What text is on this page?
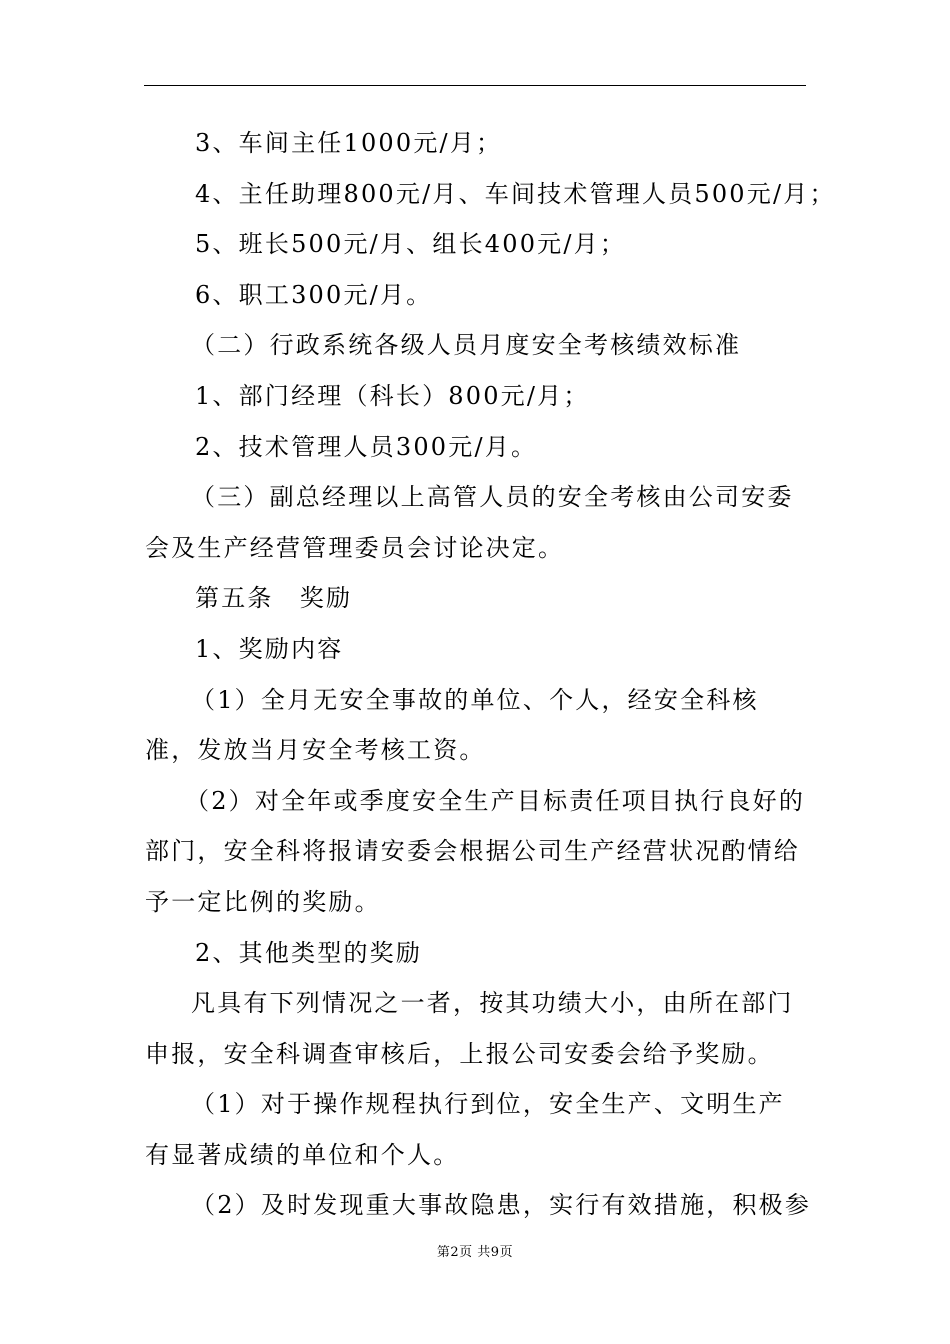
3、车间主任1000元/月；

4、主任助理800元/月、车间技术管理人员500元/月；

5、班长500元/月、组长400元/月；

6、职工300元/月。

（二）行政系统各级人员月度安全考核绩效标准

1、部门经理（科长）800元/月；

2、技术管理人员300元/月。

（三）副总经理以上高管人员的安全考核由公司安委会及生产经营管理委员会讨论决定。

第五条　奖励

1、奖励内容

（1）全月无安全事故的单位、个人，经安全科核准，发放当月安全考核工资。

（2）对全年或季度安全生产目标责任项目执行良好的部门，安全科将报请安委会根据公司生产经营状况酌情给予一定比例的奖励。

2、其他类型的奖励

凡具有下列情况之一者，按其功绩大小，由所在部门申报，安全科调查审核后，上报公司安委会给予奖励。

（1）对于操作规程执行到位，安全生产、文明生产有显著成绩的单位和个人。

（2）及时发现重大事故隐患，实行有效措施，积极参

第2页 共9页
